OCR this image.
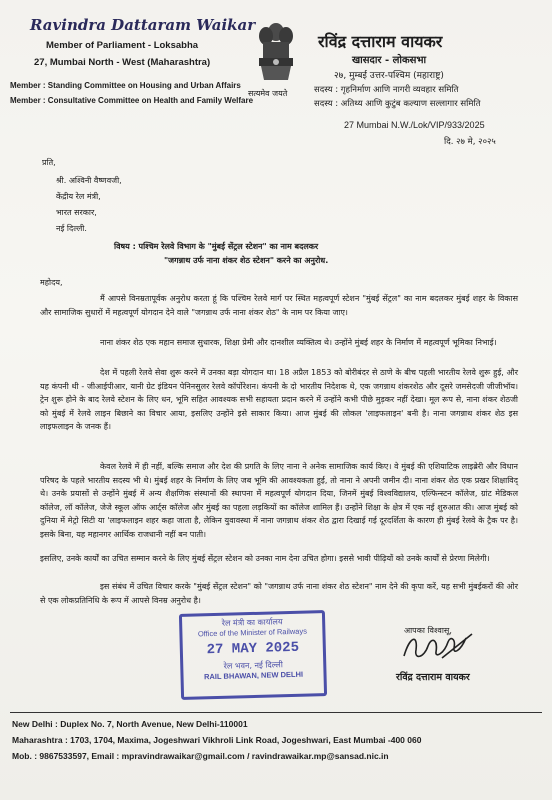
Ravindra Dattaram Waikar
Member of Parliament - Loksabha
27, Mumbai North - West (Maharashtra)
Member : Standing Committee on Housing and Urban Affairs
Member : Consultative Committee on Health and Family Welfare
सत्यमेव जयते
रविंद्र दत्ताराम वायकर
खासदार - लोकसभा
२७, मुम्बई उत्तर-पश्चिम (महाराष्ट्र)
सदस्य : गृहनिर्माण आणि नागरी व्यवहार समिति
सदस्य : अतिथ्य आणि कुटुंब कल्याण सल्लागार समिति
27 Mumbai N.W./Lok/VIP/933/2025
दि. २७ मे, २०२५
प्रति,
श्री. अश्विनी वैष्णवजी,
केंद्रीय रेल मंत्री,
भारत सरकार,
नई दिल्ली.
विषय : पश्चिम रेलवे विभाग के "मुंबई सेंट्रल स्टेशन" का नाम बदलकर
"जगन्नाथ उर्फ नाना शंकर शेठ स्टेशन" करने का अनुरोध.
महोदय,
मैं आपसे विनम्रतापूर्वक अनुरोध करता हूं कि पश्चिम रेलवे मार्ग पर स्थित महत्वपूर्ण स्टेशन "मुंबई सेंट्रल" का नाम बदलकर मुंबई शहर के विकास और सामाजिक सुधारों में महत्वपूर्ण योगदान देने वाले "जगन्नाथ उर्फ नाना शंकर शेठ" के नाम पर किया जाए।
नाना शंकर शेठ एक महान समाज सुधारक, शिक्षा प्रेमी और दानशील व्यक्तित्व थे। उन्होंने मुंबई शहर के निर्माण में महत्वपूर्ण भूमिका निभाई।
देश में पहली रेलवे सेवा शुरू करने में उनका बड़ा योगदान था। 18 अप्रैल 1853 को बोरीबंदर से ठाणे के बीच पहली भारतीय रेलवे शुरू हुई, और यह कंपनी थी - जीआईपीआर, यानी ग्रेट इंडियन पेनिनसुलर रेलवे कॉर्पोरेशन। कंपनी के दो भारतीय निदेशक थे, एक जगन्नाथ शंकरशेठ और दूसरे जमसेदजी जीजीभॉय। ट्रेन शुरू होने के बाद रेलवे स्टेशन के लिए धन, भूमि सहित आवश्यक सभी सहायता प्रदान करने में उन्होंने कभी पीछे मुड़कर नहीं देखा। मूल रूप से, नाना शंकर शेठजी को मुंबई में रेलवे लाइन बिछाने का विचार आया, इसलिए उन्होंने इसे साकार किया। आज मुंबई की लोकल 'लाइफलाइन' बनी है। नाना जगन्नाथ शंकर शेठ इस लाइफलाइन के जनक हैं।
केवल रेलवे में ही नहीं, बल्कि समाज और देश की प्रगति के लिए नाना ने अनेक सामाजिक कार्य किए। वे मुंबई की एशियाटिक लाइब्रेरी और विधान परिषद के पहले भारतीय सदस्य भी थे। मुंबई शहर के निर्माण के लिए जब भूमि की आवश्यकता हुई, तो नाना ने अपनी जमीन दी। नाना शंकर शेठ एक प्रखर शिक्षाविद् थे। उनके प्रयासों से उन्होंने मुंबई में अन्य शैक्षणिक संस्थानों की स्थापना में महत्वपूर्ण योगदान दिया, जिनमें मुंबई विश्वविद्यालय, एल्फिन्स्टन कॉलेज, ग्रांट मेडिकल कॉलेज, लॉ कॉलेज, जेजे स्कूल ऑफ आर्ट्स कॉलेज और मुंबई का पहला लड़कियों का कॉलेज शामिल हैं। उन्होंने शिक्षा के क्षेत्र में एक नई शुरुआत की। आज मुंबई को दुनिया में मेट्रो सिटी या 'लाइफलाइन शहर कहा जाता है, लेकिन युवावस्था में नाना जगन्नाथ शंकर शेठ द्वारा दिखाई गई दूरदर्शिता के कारण ही मुंबई रेलवे के ट्रैक पर है। इसके बिना, यह महानगर आर्थिक राजधानी नहीं बन पाती।
इसलिए, उनके कार्यों का उचित सम्मान करने के लिए मुंबई सेंट्रल स्टेशन को उनका नाम देना उचित होगा। इससे भावी पीढ़ियों को उनके कार्यों से प्रेरणा मिलेगी।
इस संबंध में उचित विचार करके "मुंबई सेंट्रल स्टेशन" को "जगन्नाथ उर्फ नाना शंकर शेठ स्टेशन" नाम देने की कृपा करें, यह सभी मुंबईकरों की ओर से एक लोकप्रतिनिधि के रूप में आपसे विनम्र अनुरोध है।
रेल मंत्री का कार्यालय
Office of the Minister of Railways
27 MAY 2025
रेल भवन, नई दिल्ली
RAIL BHAWAN, NEW DELHI
आपका विश्वासू,
रविंद्र दत्ताराम वायकर
New Delhi : Duplex No. 7, North Avenue, New Delhi-110001
Maharashtra : 1703, 1704, Maxima, Jogeshwari Vikhroli Link Road, Jogeshwari, East Mumbai -400 060
Mob. : 9867533597, Email : mpravindrawaikar@gmail.com / ravindrawaikar.mp@sansad.nic.in
